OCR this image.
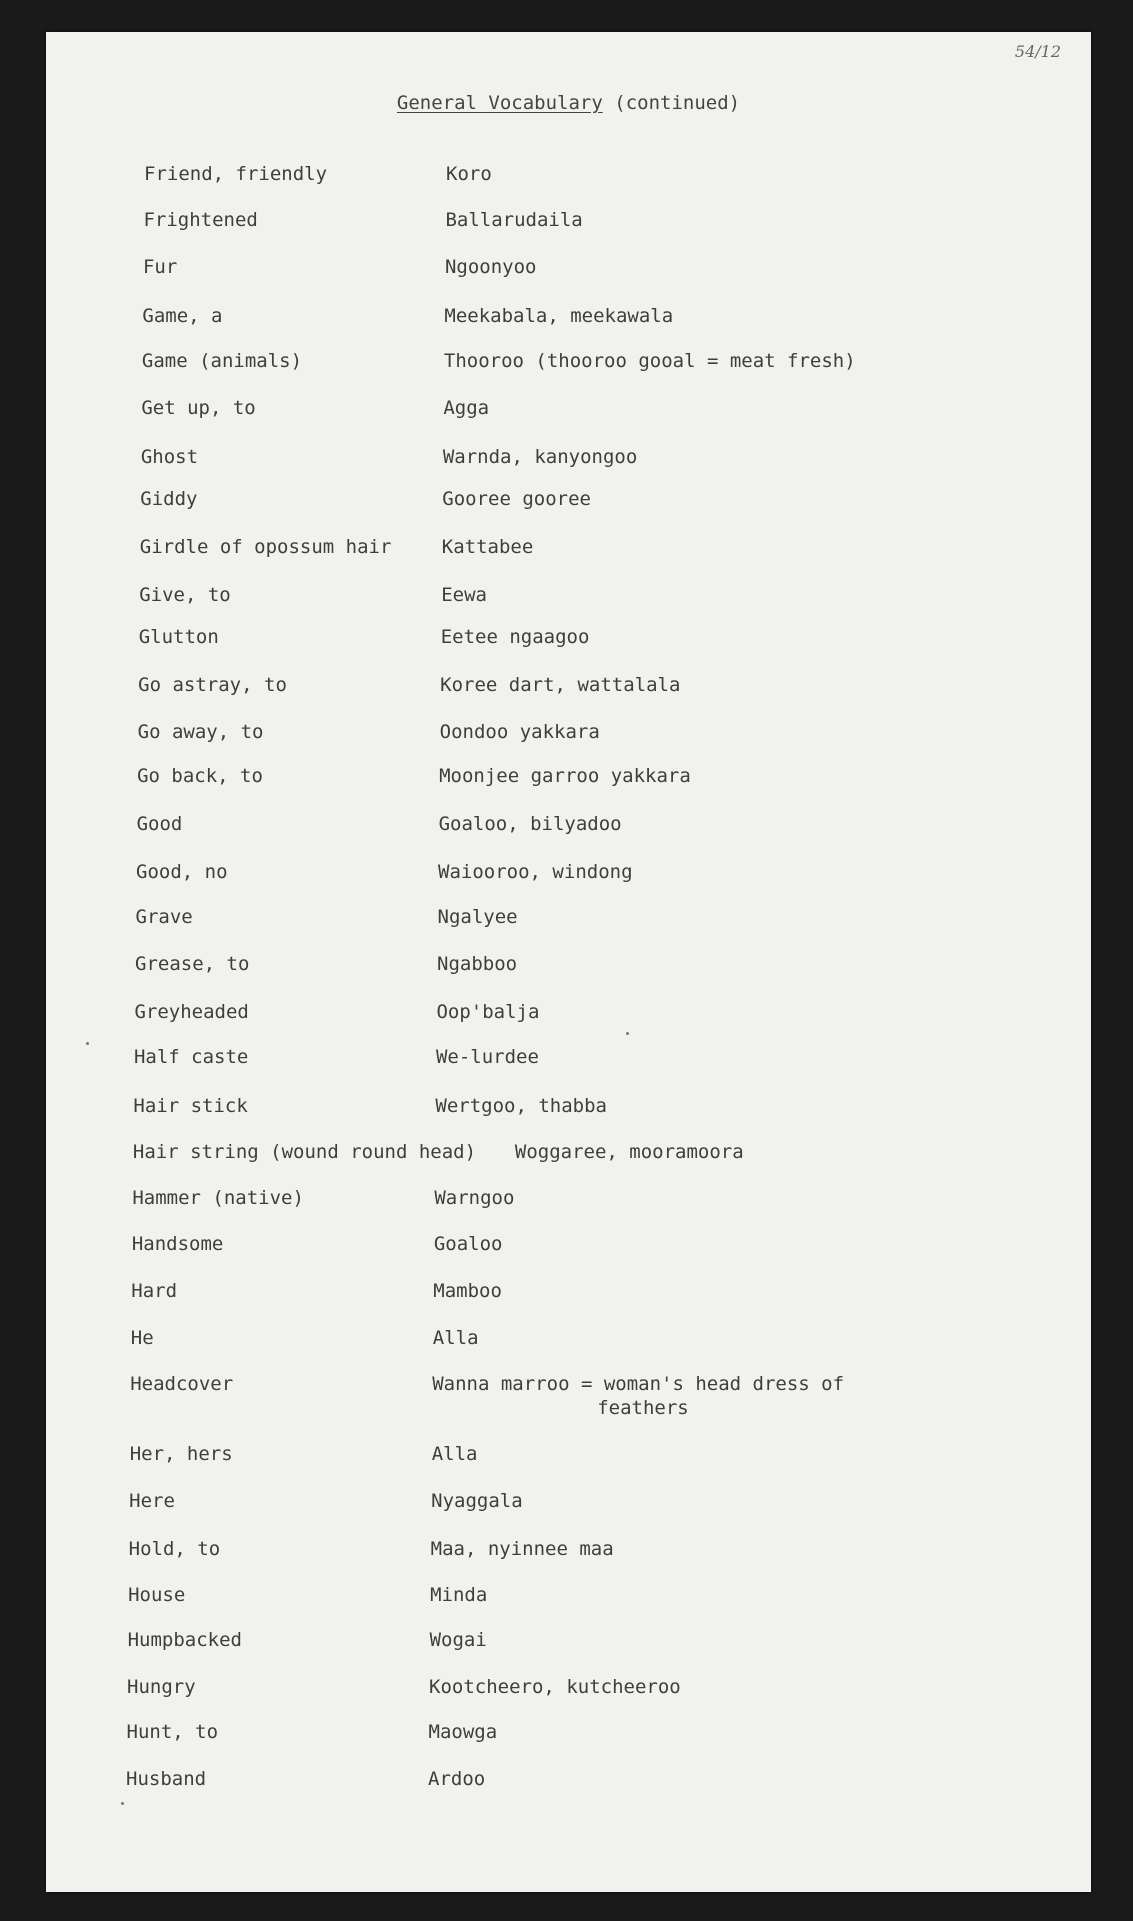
54/12
General Vocabulary (continued)
Friend, friendly	Koro
Frightened	Ballarudaila
Fur	Ngoonyoo
Game, a	Meekabala, meekawala
Game (animals)	Thooroo (thooroo gooal = meat fresh)
Get up, to	Agga
Ghost	Warnda, kanyongoo
Giddy	Gooree gooree
Girdle of opossum hair	Kattabee
Give, to	Eewa
Glutton	Eetee ngaagoo
Go astray, to	Koree dart, wattalala
Go away, to	Oondoo yakkara
Go back, to	Moonjee garroo yakkara
Good	Goaloo, bilyadoo
Good, no	Waiooroo, windong
Grave	Ngalyee
Grease, to	Ngabboo
Greyheaded	Oop'balja
Half caste	We-lurdee
Hair stick	Wertgoo, thabba
Hair string (wound round head) Woggaree, mooramoora
Hammer (native)	Warngoo
Handsome	Goaloo
Hard	Mamboo
He	Alla
Headcover	Wanna marroo = woman's head dress of
feathers
Her, hers	Alla
Here	Nyaggala
Hold, to	Maa, nyinnee maa
House	Minda
Humpbacked	Wogai
Hungry	Kootcheero, kutcheeroo
Hunt, to	Maowga
Husband	Ardoo
